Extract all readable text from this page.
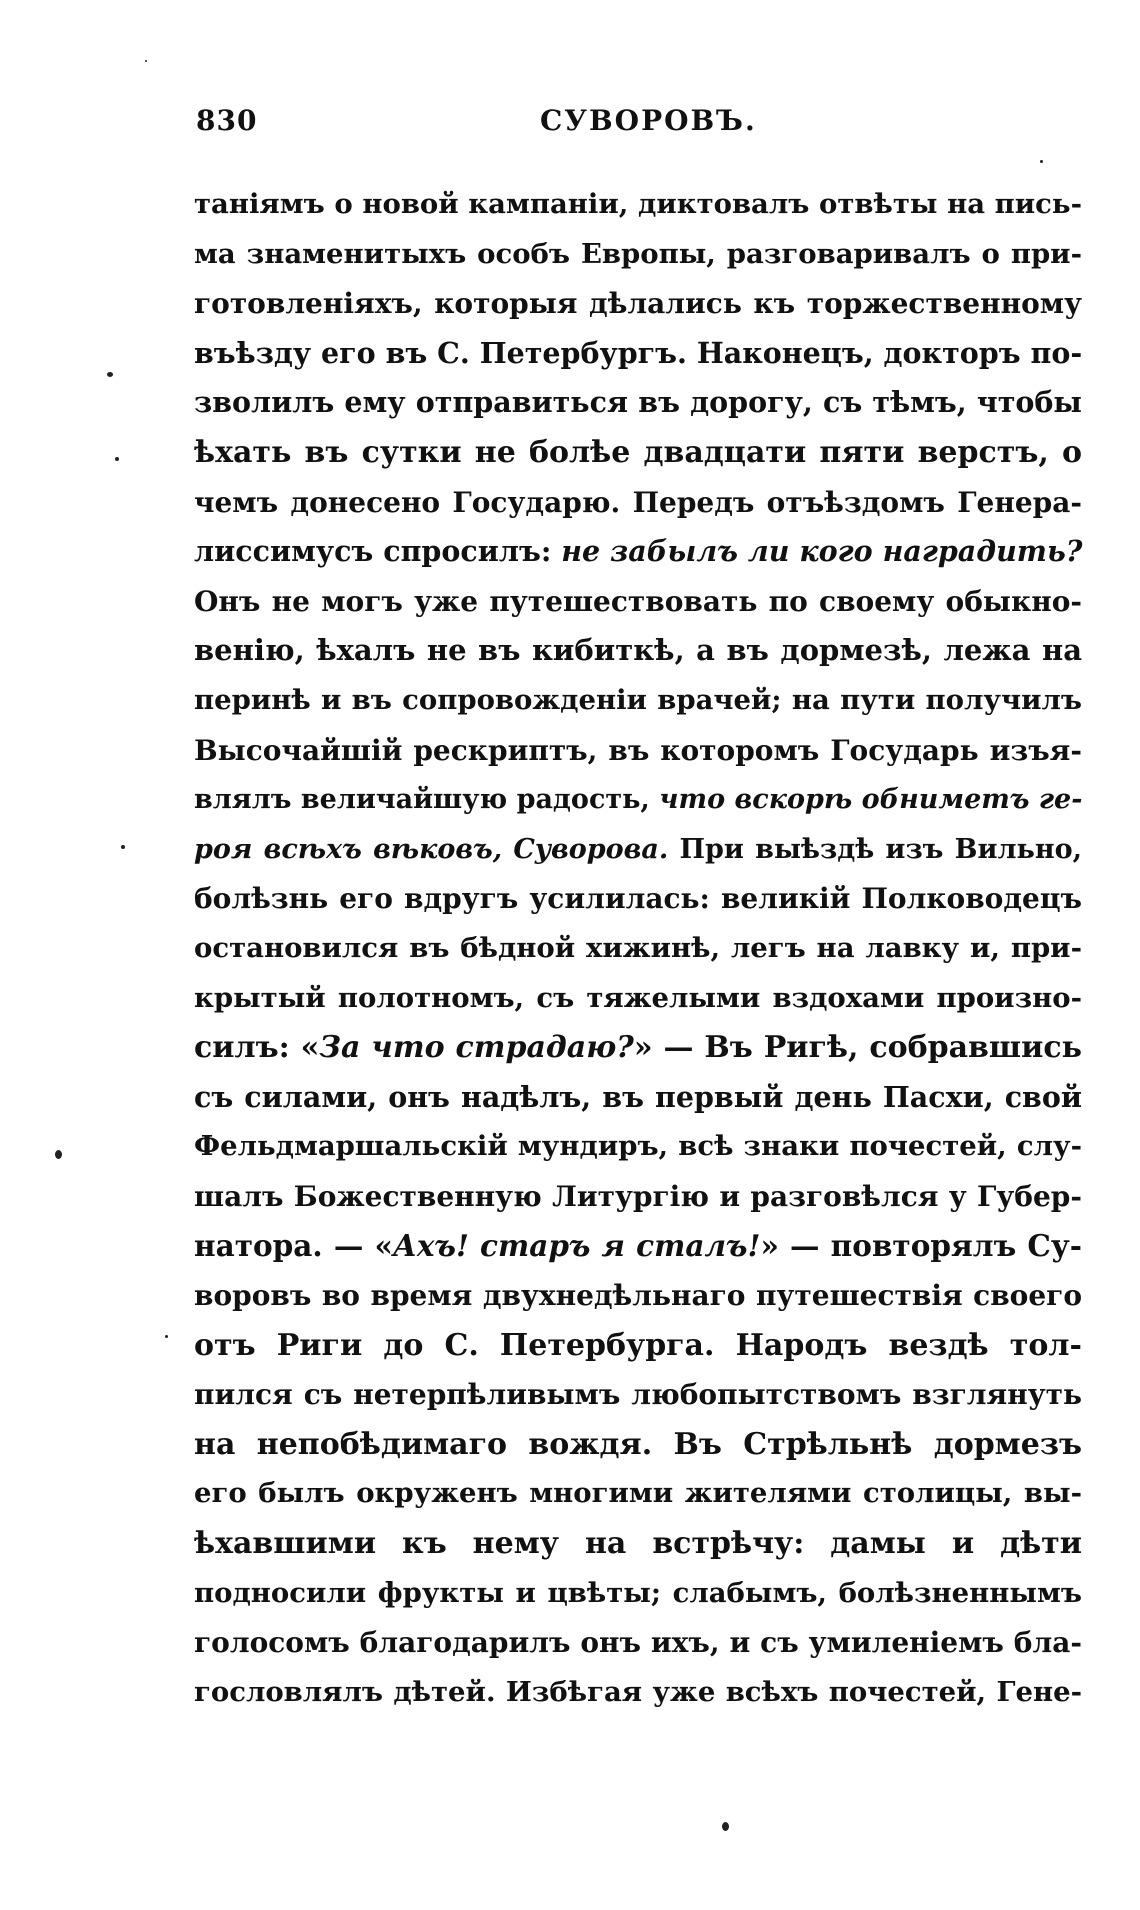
830	СУВОРОВЪ.
таніямъ о новой кампаніи, диктовалъ отвѣты на пись-
ма знаменитыхъ особъ Европы, разговаривалъ о при-
готовленіяхъ, которыя дѣлались къ торжественному
въѣзду его въ С. Петербургъ. Наконецъ, докторъ по-
зволилъ ему отправиться въ дорогу, съ тѣмъ, чтобы
ѣхать въ сутки не болѣе двадцати пяти верстъ, о
чемъ донесено Государю. Передъ отъѣздомъ Генера-
лиссимусъ спросилъ: не забылъ ли кого наградить?
Онъ не могъ уже путешествовать по своему обыкно-
венію, ѣхалъ не въ кибиткѣ, а въ дормезѣ, лежа на
перинѣ и въ сопровожденіи врачей; на пути получилъ
Высочайшій рескриптъ, въ которомъ Государь изъя-
влялъ величайшую радость, что вскорѣ обниметъ ге-
роя всѣхъ вѣковъ, Суворова. При выѣздѣ изъ Вильно,
болѣзнь его вдругъ усилилась: великій Полководецъ
остановился въ бѣдной хижинѣ, легъ на лавку и, при-
крытый полотномъ, съ тяжелыми вздохами произно-
силъ: «За что страдаю?» — Въ Ригѣ, собравшись
съ силами, онъ надѣлъ, въ первый день Пасхи, свой
Фельдмаршальскій мундиръ, всѣ знаки почестей, слу-
шалъ Божественную Литургію и разговѣлся у Губер-
натора. — «Ахъ! старъ я сталъ!» — повторялъ Су-
воровъ во время двухнедѣльнаго путешествія своего
отъ Риги до С. Петербурга. Народъ вездѣ тол-
пился съ нетерпѣливымъ любопытствомъ взглянуть
на непобѣдимаго вождя. Въ Стрѣльнѣ дормезъ
его былъ окруженъ многими жителями столицы, вы-
ѣхавшими къ нему на встрѣчу: дамы и дѣти
подносили фрукты и цвѣты; слабымъ, болѣзненнымъ
голосомъ благодарилъ онъ ихъ, и съ умиленіемъ бла-
гословлялъ дѣтей. Избѣгая уже всѣхъ почестей, Гене-
